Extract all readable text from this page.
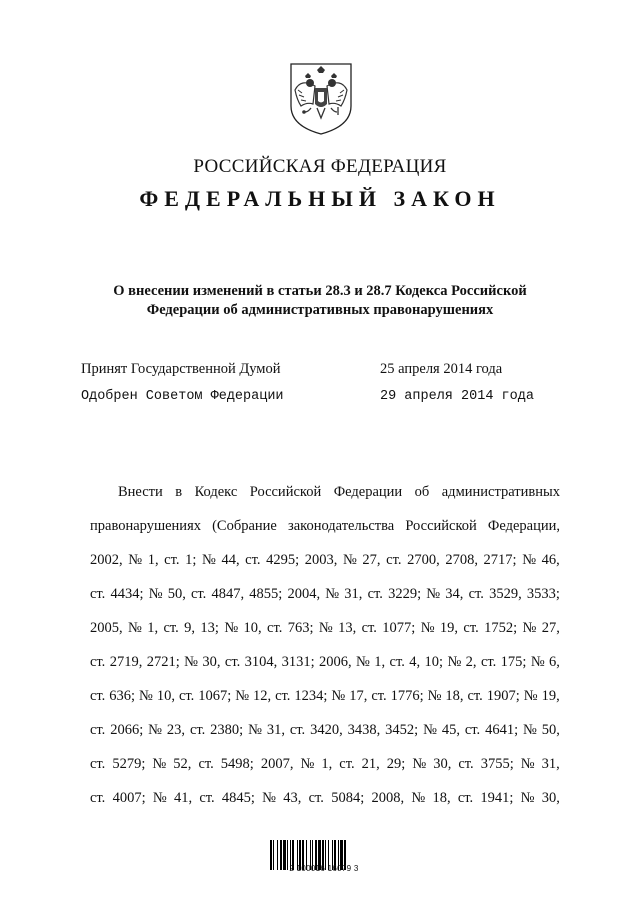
РОССИЙСКАЯ ФЕДЕРАЦИЯ
ФЕДЕРАЛЬНЫЙ ЗАКОН
О внесении изменений в статьи 28.3 и 28.7 Кодекса Российской
Федерации об административных правонарушениях
Принят Государственной Думой	25 апреля 2014 года
Одобрен Советом Федерации	29 апреля 2014 года
Внести в Кодекс Российской Федерации об административных
правонарушениях (Собрание законодательства Российской Федерации,
2002, № 1, ст. 1; № 44, ст. 4295; 2003, № 27, ст. 2700, 2708, 2717; № 46,
ст. 4434; № 50, ст. 4847, 4855; 2004, № 31, ст. 3229; № 34, ст. 3529, 3533;
2005, № 1, ст. 9, 13; № 10, ст. 763; № 13, ст. 1077; № 19, ст. 1752; № 27,
ст. 2719, 2721; № 30, ст. 3104, 3131; 2006, № 1, ст. 4, 10; № 2, ст. 175; № 6,
ст. 636; № 10, ст. 1067; № 12, ст. 1234; № 17, ст. 1776; № 18, ст. 1907; № 19,
ст. 2066; № 23, ст. 2380; № 31, ст. 3420, 3438, 3452; № 45, ст. 4641; № 50,
ст. 5279; № 52, ст. 5498; 2007, № 1, ст. 21, 29; № 30, ст. 3755; № 31,
ст. 4007; № 41, ст. 4845; № 43, ст. 5084; 2008, № 18, ст. 1941; № 30,
2 100016 16079 3
